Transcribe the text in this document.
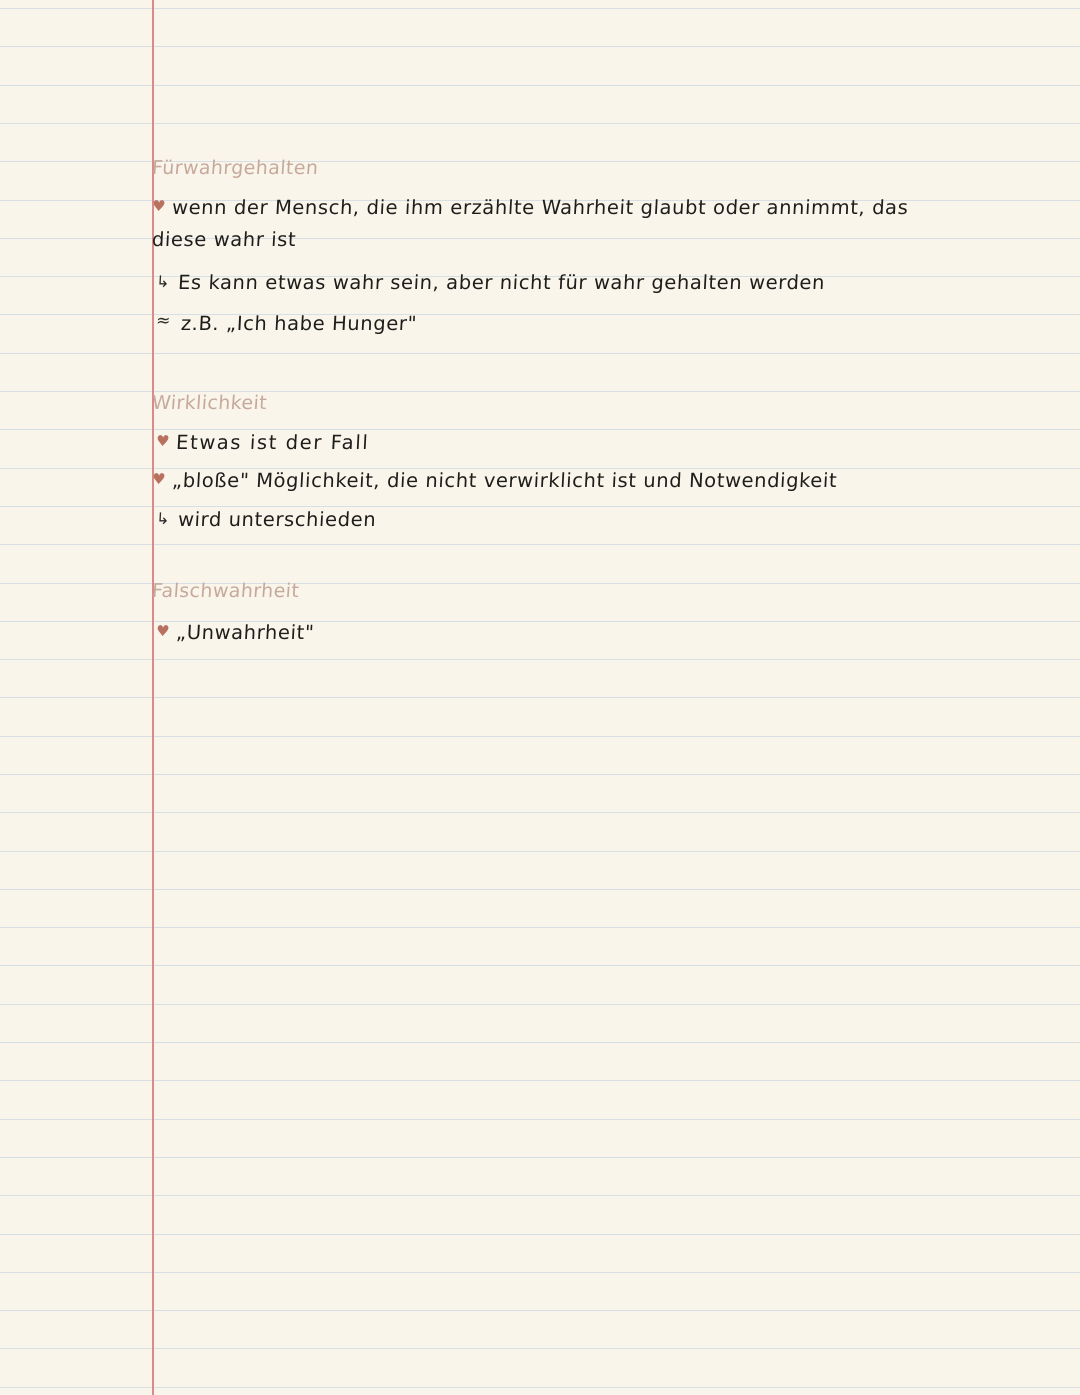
Fürwahrgehalten
♥ wenn der Mensch, die ihm erzählte Wahrheit glaubt oder annimmt, das
diese wahr ist
↳ Es kann etwas wahr sein, aber nicht für wahr gehalten werden
≈ z.B. „Ich habe Hunger"
Wirklichkeit
♥ Etwas ist der Fall
♥ „bloße" Möglichkeit, die nicht verwirklicht ist und Notwendigkeit
↳ wird unterschieden
Falschwahrheit
♥ „Unwahrheit"
